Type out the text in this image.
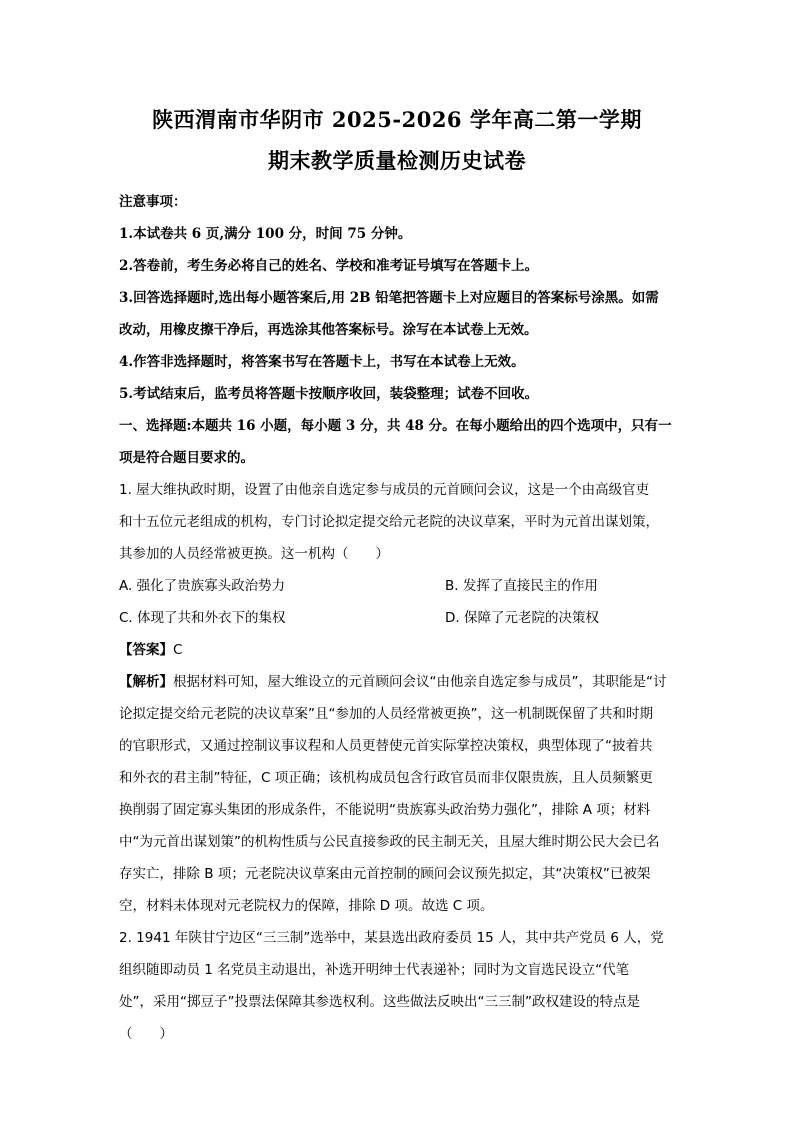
陕西渭南市华阴市 2025-2026 学年高二第一学期
期末教学质量检测历史试卷
注意事项：
1.本试卷共 6 页,满分 100 分，时间 75 分钟。
2.答卷前，考生务必将自己的姓名、学校和准考证号填写在答题卡上。
3.回答选择题时,选出每小题答案后,用 2B 铅笔把答题卡上对应题目的答案标号涂黑。如需
改动，用橡皮擦干净后，再选涂其他答案标号。涂写在本试卷上无效。
4.作答非选择题时，将答案书写在答题卡上，书写在本试卷上无效。
5.考试结束后，监考员将答题卡按顺序收回，装袋整理；试卷不回收。
一、选择题:本题共 16 小题，每小题 3 分，共 48 分。在每小题给出的四个选项中，只有一
项是符合题目要求的。
1. 屋大维执政时期，设置了由他亲自选定参与成员的元首顾问会议，这是一个由高级官吏
和十五位元老组成的机构，专门讨论拟定提交给元老院的决议草案，平时为元首出谋划策，
其参加的人员经常被更换。这一机构（　　）
A. 强化了贵族寡头政治势力	B. 发挥了直接民主的作用
C. 体现了共和外衣下的集权	D. 保障了元老院的决策权
【答案】C
【解析】根据材料可知，屋大维设立的元首顾问会议“由他亲自选定参与成员”，其职能是“讨
论拟定提交给元老院的决议草案”且“参加的人员经常被更换”，这一机制既保留了共和时期
的官职形式，又通过控制议事议程和人员更替使元首实际掌控决策权，典型体现了“披着共
和外衣的君主制”特征，C 项正确；该机构成员包含行政官员而非仅限贵族，且人员频繁更
换削弱了固定寡头集团的形成条件，不能说明“贵族寡头政治势力强化”，排除 A 项；材料
中“为元首出谋划策”的机构性质与公民直接参政的民主制无关，且屋大维时期公民大会已名
存实亡，排除 B 项；元老院决议草案由元首控制的顾问会议预先拟定，其“决策权”已被架
空，材料未体现对元老院权力的保障，排除 D 项。故选 C 项。
2. 1941 年陕甘宁边区“三三制”选举中，某县选出政府委员 15 人，其中共产党员 6 人，党
组织随即动员 1 名党员主动退出，补选开明绅士代表递补；同时为文盲选民设立“代笔
处”，采用“掷豆子”投票法保障其参选权利。这些做法反映出“三三制”政权建设的特点是
（　　）
